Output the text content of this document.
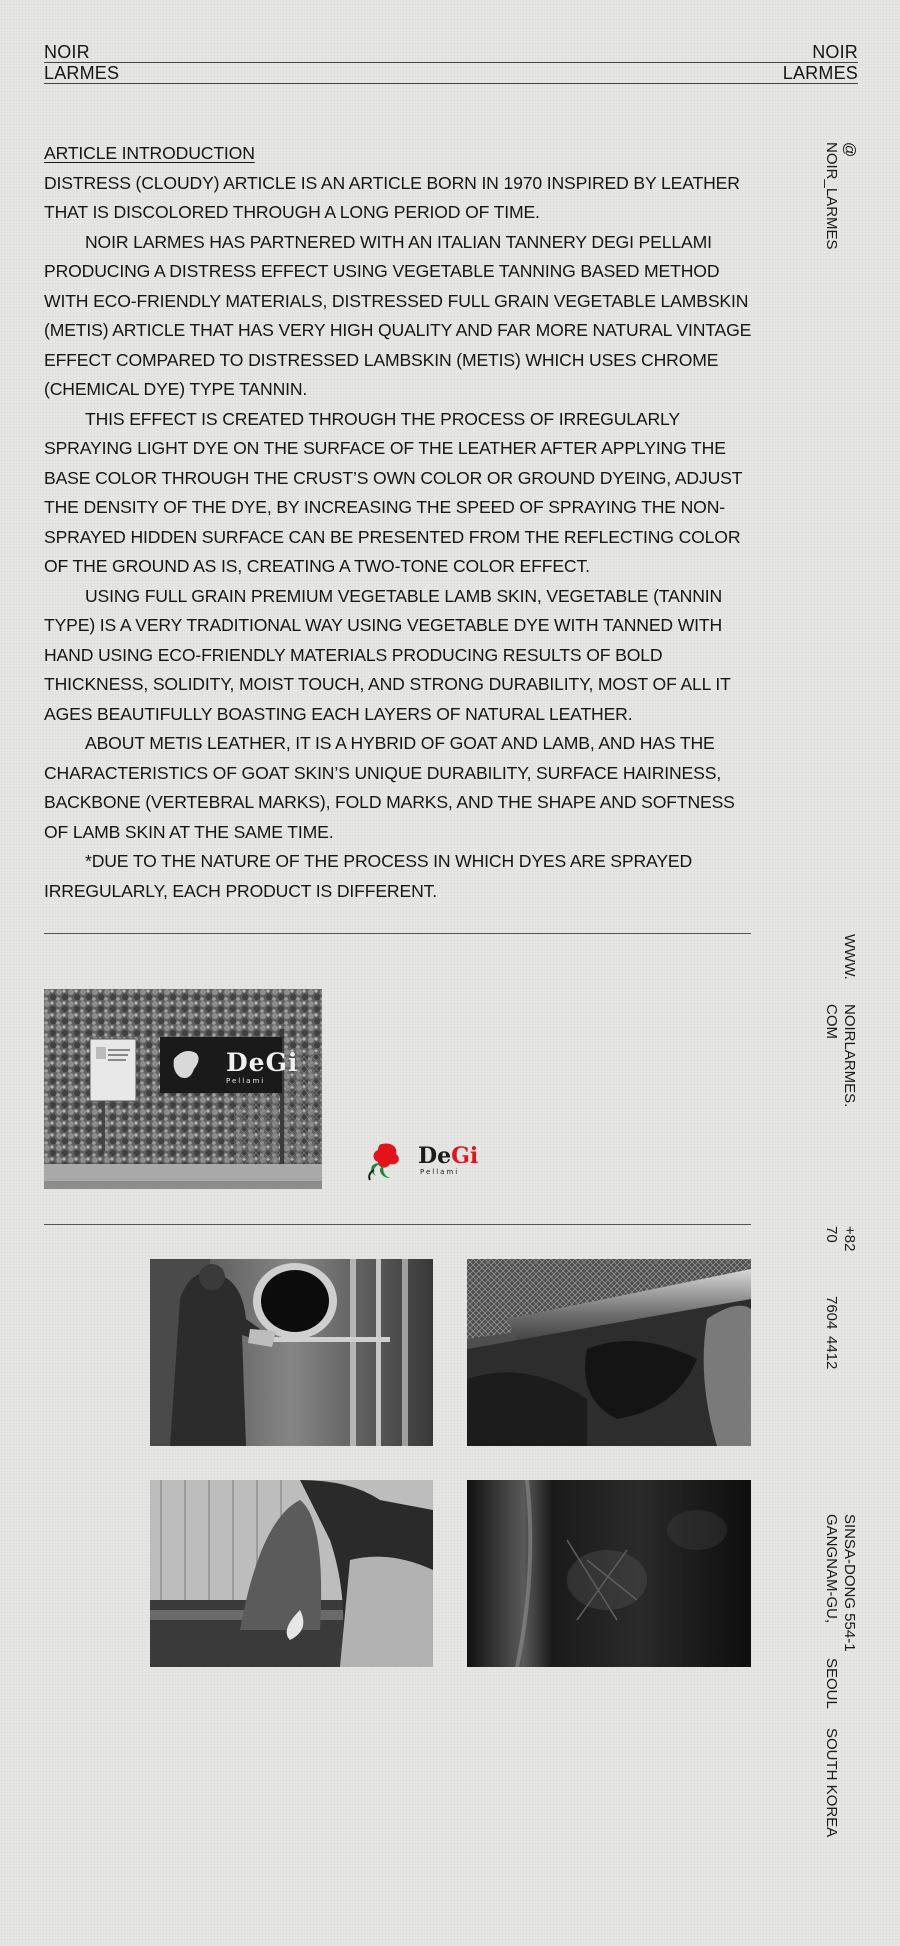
NOIR
LARMES
NOIR
LARMES

ARTICLE INTRODUCTION

DISTRESS (CLOUDY) ARTICLE IS AN ARTICLE BORN IN 1970 INSPIRED BY LEATHER THAT IS DISCOLORED THROUGH A LONG PERIOD OF TIME.

NOIR LARMES HAS PARTNERED WITH AN ITALIAN TANNERY DEGI PELLAMI PRODUCING A DISTRESS EFFECT USING VEGETABLE TANNING BASED METHOD WITH ECO-FRIENDLY MATERIALS, DISTRESSED FULL GRAIN VEGETABLE LAMBSKIN (METIS) ARTICLE THAT HAS VERY HIGH QUALITY AND FAR MORE NATURAL VINTAGE EFFECT COMPARED TO DISTRESSED LAMBSKIN (METIS) WHICH USES CHROME (CHEMICAL DYE) TYPE TANNIN.

THIS EFFECT IS CREATED THROUGH THE PROCESS OF IRREGULARLY SPRAYING LIGHT DYE ON THE SURFACE OF THE LEATHER AFTER APPLYING THE BASE COLOR THROUGH THE CRUST’S OWN COLOR OR GROUND DYEING, ADJUST THE DENSITY OF THE DYE, BY INCREASING THE SPEED OF SPRAYING THE NON-SPRAYED HIDDEN SURFACE CAN BE PRESENTED FROM THE REFLECTING COLOR OF THE GROUND AS IS, CREATING A TWO-TONE COLOR EFFECT.

USING FULL GRAIN PREMIUM VEGETABLE LAMB SKIN, VEGETABLE (TANNIN TYPE) IS A VERY TRADITIONAL WAY USING VEGETABLE DYE WITH TANNED WITH HAND USING ECO-FRIENDLY MATERIALS PRODUCING RESULTS OF BOLD THICKNESS, SOLIDITY, MOIST TOUCH, AND STRONG DURABILITY, MOST OF ALL IT AGES BEAUTIFULLY BOASTING EACH LAYERS OF NATURAL LEATHER.

ABOUT METIS LEATHER, IT IS A HYBRID OF GOAT AND LAMB, AND HAS THE CHARACTERISTICS OF GOAT SKIN’S UNIQUE DURABILITY, SURFACE HAIRINESS, BACKBONE (VERTEBRAL MARKS), FOLD MARKS, AND THE SHAPE AND SOFTNESS OF LAMB SKIN AT THE SAME TIME.

*DUE TO THE NATURE OF THE PROCESS IN WHICH DYES ARE SPRAYED IRREGULARLY, EACH PRODUCT IS DIFFERENT.

@
NOIR_LARMES
WWW.
NOIRLARMES.
COM
+82
70
7604
4412
SINSA-DONG 554-1
GANGNAM-GU,
SEOUL
SOUTH KOREA
DeGi
Pellami
DeGi
Pellami
